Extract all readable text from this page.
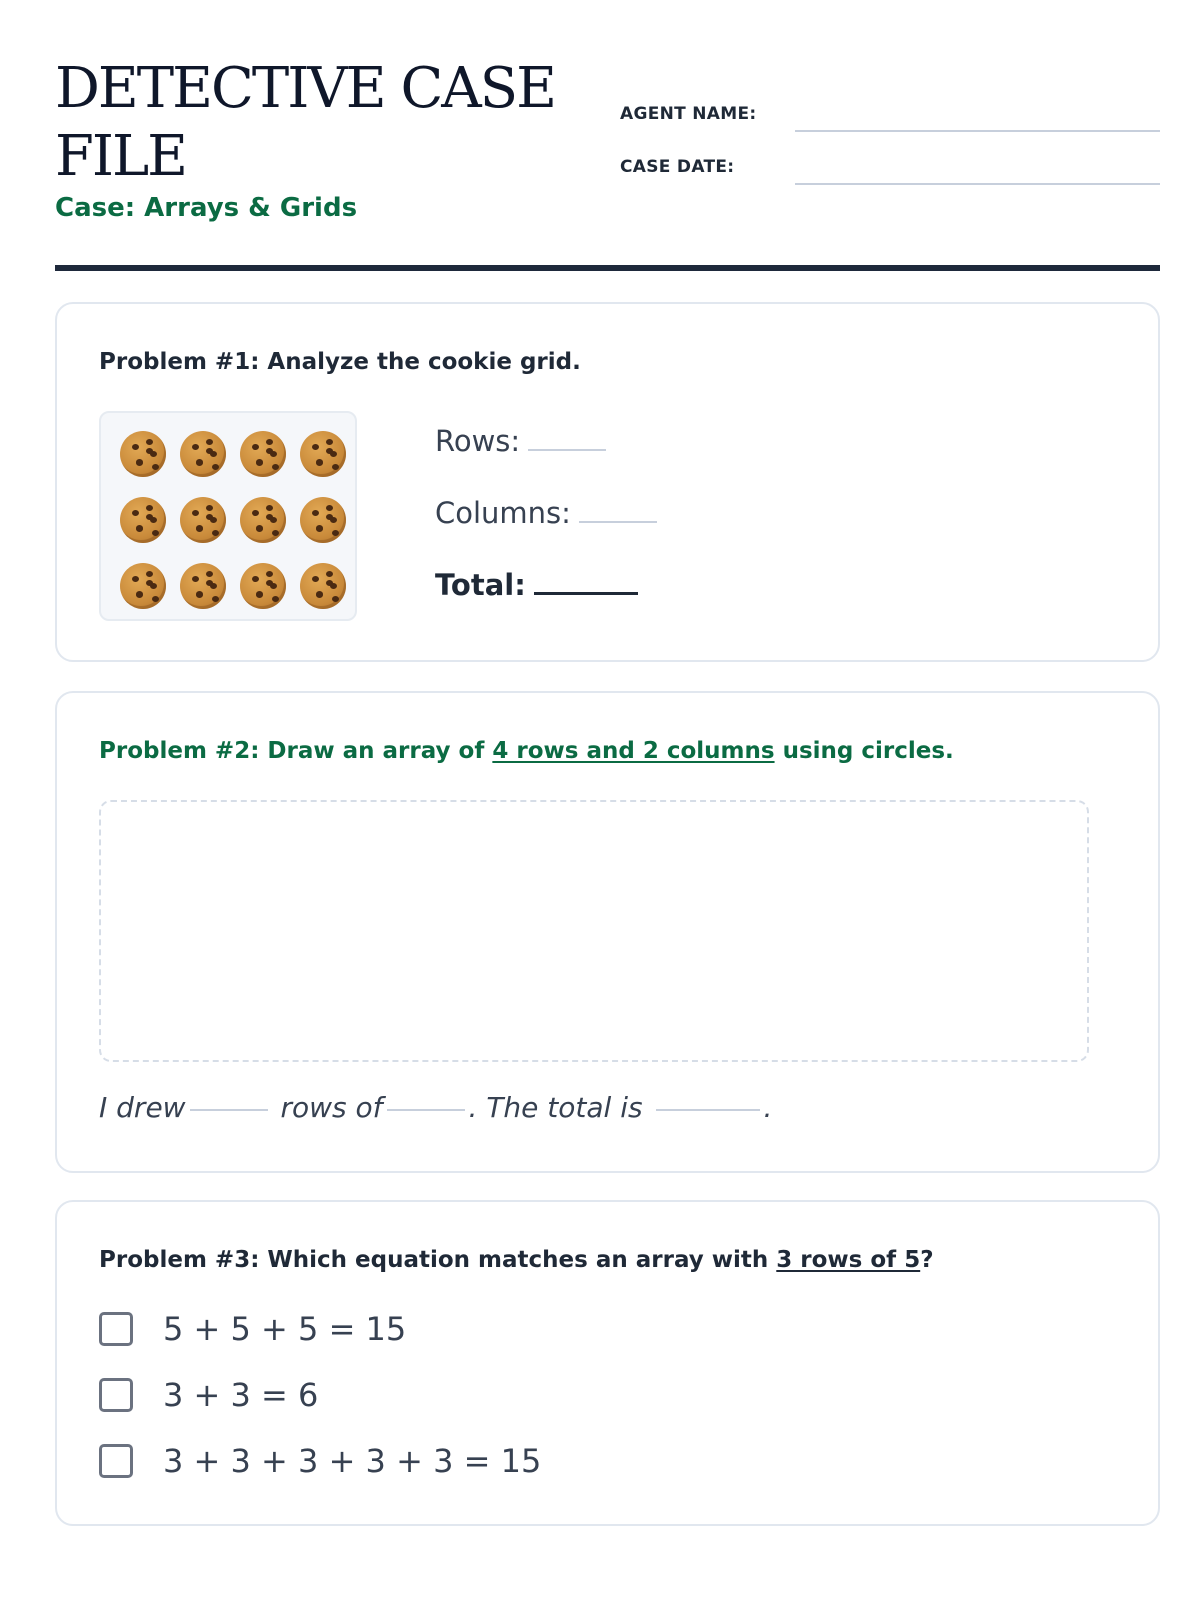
DETECTIVE CASE FILE
Case: Arrays & Grids
AGENT NAME:
CASE DATE:
Problem #1: Analyze the cookie grid.
Rows:
Columns:
Total:
Problem #2: Draw an array of 4 rows and 2 columns using circles.
I drew	rows of	. The total is	.
Problem #3: Which equation matches an array with 3 rows of 5?
5 + 5 + 5 = 15
3 + 3 = 6
3 + 3 + 3 + 3 + 3 = 15
